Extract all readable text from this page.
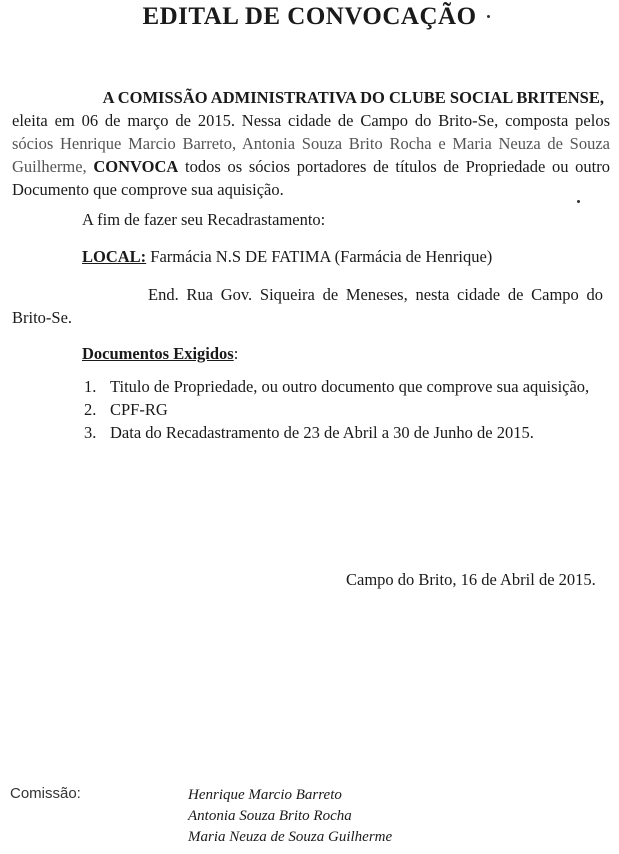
EDITAL DE CONVOCAÇÃO
A COMISSÃO ADMINISTRATIVA DO CLUBE SOCIAL BRITENSE,
eleita em 06 de março de 2015. Nessa cidade de Campo do Brito-Se, composta pelos
sócios Henrique Marcio Barreto, Antonia Souza Brito Rocha e Maria Neuza de Souza
Guilherme, CONVOCA todos os sócios portadores de títulos de Propriedade ou outro
Documento que comprove sua aquisição.
A fim de fazer seu Recadrastamento:
LOCAL: Farmácia N.S DE FATIMA (Farmácia de Henrique)
End. Rua Gov. Siqueira de Meneses, nesta cidade de Campo do
Brito-Se.
Documentos Exigidos:
1. Titulo de Propriedade, ou outro documento que comprove sua aquisição,
2. CPF-RG
3. Data do Recadastramento de 23 de Abril a 30 de Junho de 2015.
Campo do Brito, 16 de Abril de 2015.
Comissão:	Henrique Marcio Barreto
Antonia Souza Brito Rocha
Maria Neuza de Souza Guilherme
